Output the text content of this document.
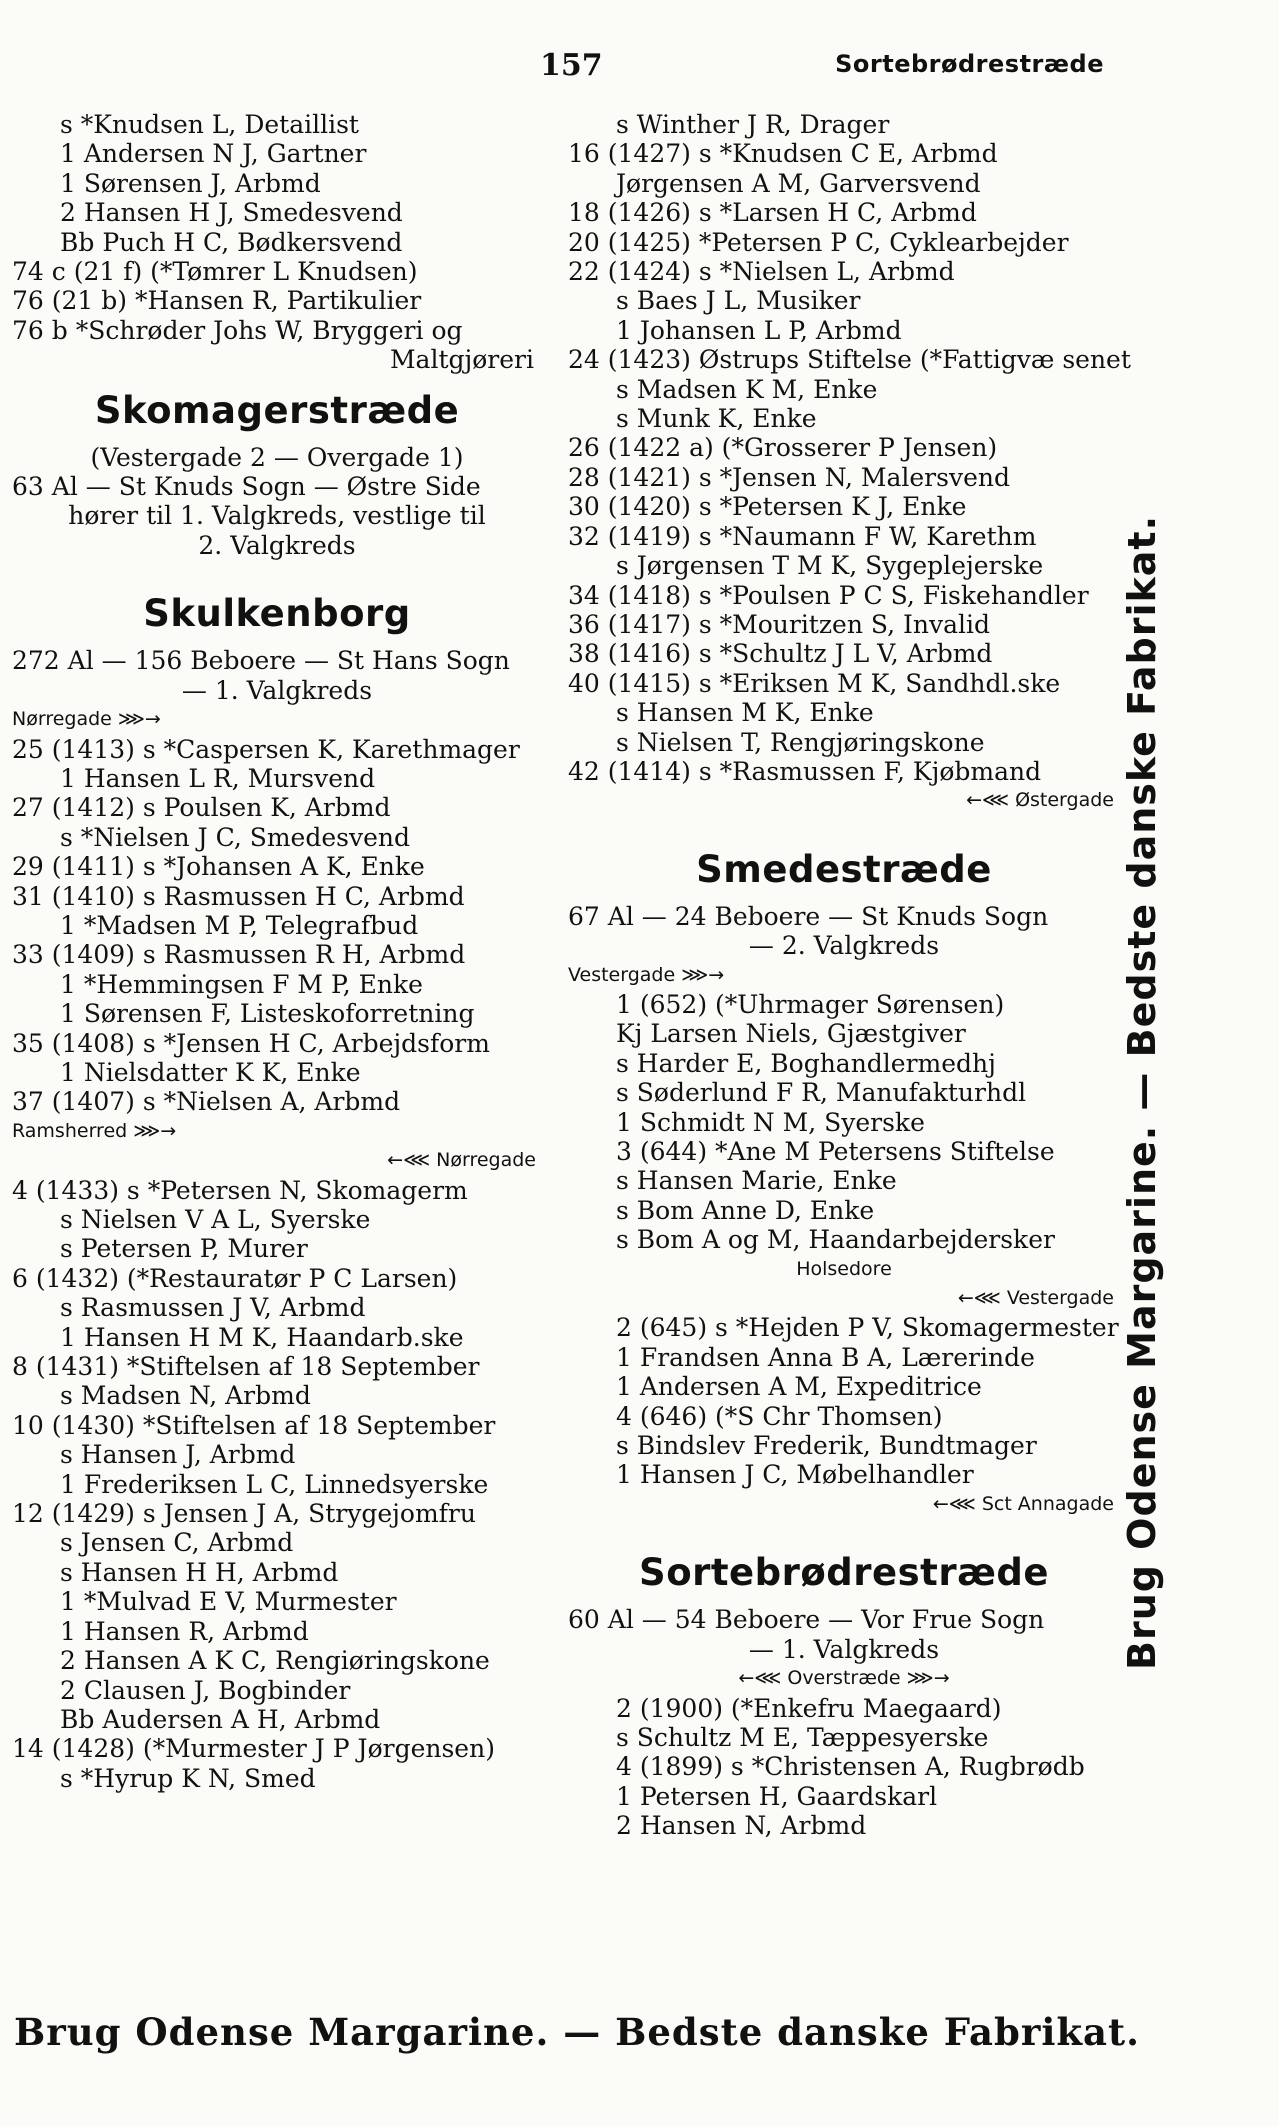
157	Sortebrødrestræde
s *Knudsen L, Detaillist
1 Andersen N J, Gartner
1 Sørensen J, Arbmd
2 Hansen H J, Smedesvend
Bb Puch H C, Bødkersvend
74 c (21 f) (*Tømrer L Knudsen)
76 (21 b) *Hansen R, Partikulier
76 b *Schrøder Johs W, Bryggeri og
Maltgjøreri
Skomagerstræde
(Vestergade 2 — Overgade 1)
63 Al — St Knuds Sogn — Østre Side
hører til 1. Valgkreds, vestlige til
2. Valgkreds
Skulkenborg
272 Al — 156 Beboere — St Hans Sogn
— 1. Valgkreds
Nørregade ⋙→
25 (1413) s *Caspersen K, Karethmager
1 Hansen L R, Mursvend
27 (1412) s Poulsen K, Arbmd
s *Nielsen J C, Smedesvend
29 (1411) s *Johansen A K, Enke
31 (1410) s Rasmussen H C, Arbmd
1 *Madsen M P, Telegrafbud
33 (1409) s Rasmussen R H, Arbmd
1 *Hemmingsen F M P, Enke
1 Sørensen F, Listeskoforretning
35 (1408) s *Jensen H C, Arbejdsform
1 Nielsdatter K K, Enke
37 (1407) s *Nielsen A, Arbmd
Ramsherred ⋙→
←⋘ Nørregade
4 (1433) s *Petersen N, Skomagerm
s Nielsen V A L, Syerske
s Petersen P, Murer
6 (1432) (*Restauratør P C Larsen)
s Rasmussen J V, Arbmd
1 Hansen H M K, Haandarb.ske
8 (1431) *Stiftelsen af 18 September
s Madsen N, Arbmd
10 (1430) *Stiftelsen af 18 September
s Hansen J, Arbmd
1 Frederiksen L C, Linnedsyerske
12 (1429) s Jensen J A, Strygejomfru
s Jensen C, Arbmd
s Hansen H H, Arbmd
1 *Mulvad E V, Murmester
1 Hansen R, Arbmd
2 Hansen A K C, Rengiøringskone
2 Clausen J, Bogbinder
Bb Audersen A H, Arbmd
14 (1428) (*Murmester J P Jørgensen)
s *Hyrup K N, Smed
s Winther J R, Drager
16 (1427) s *Knudsen C E, Arbmd
Jørgensen A M, Garversvend
18 (1426) s *Larsen H C, Arbmd
20 (1425) *Petersen P C, Cyklearbejder
22 (1424) s *Nielsen L, Arbmd
s Baes J L, Musiker
1 Johansen L P, Arbmd
24 (1423) Østrups Stiftelse (*Fattigvæ senet
s Madsen K M, Enke
s Munk K, Enke
26 (1422 a) (*Grosserer P Jensen)
28 (1421) s *Jensen N, Malersvend
30 (1420) s *Petersen K J, Enke
32 (1419) s *Naumann F W, Karethm
s Jørgensen T M K, Sygeplejerske
34 (1418) s *Poulsen P C S, Fiskehandler
36 (1417) s *Mouritzen S, Invalid
38 (1416) s *Schultz J L V, Arbmd
40 (1415) s *Eriksen M K, Sandhdl.ske
s Hansen M K, Enke
s Nielsen T, Rengjøringskone
42 (1414) s *Rasmussen F, Kjøbmand
←⋘ Østergade
Smedestræde
67 Al — 24 Beboere — St Knuds Sogn
— 2. Valgkreds
Vestergade ⋙→
1 (652) (*Uhrmager Sørensen)
Kj Larsen Niels, Gjæstgiver
s Harder E, Boghandlermedhj
s Søderlund F R, Manufakturhdl
1 Schmidt N M, Syerske
3 (644) *Ane M Petersens Stiftelse
s Hansen Marie, Enke
s Bom Anne D, Enke
s Bom A og M, Haandarbejdersker
Holsedore
←⋘ Vestergade
2 (645) s *Hejden P V, Skomagermester
1 Frandsen Anna B A, Lærerinde
1 Andersen A M, Expeditrice
4 (646) (*S Chr Thomsen)
s Bindslev Frederik, Bundtmager
1 Hansen J C, Møbelhandler
←⋘ Sct Annagade
Sortebrødrestræde
60 Al — 54 Beboere — Vor Frue Sogn
— 1. Valgkreds
←⋘ Overstræde ⋙→
2 (1900) (*Enkefru Maegaard)
s Schultz M E, Tæppesyerske
4 (1899) s *Christensen A, Rugbrødb
1 Petersen H, Gaardskarl
2 Hansen N, Arbmd
Brug Odense Margarine. — Bedste danske Fabrikat.
Brug Odense Margarine. — Bedste danske Fabrikat.
